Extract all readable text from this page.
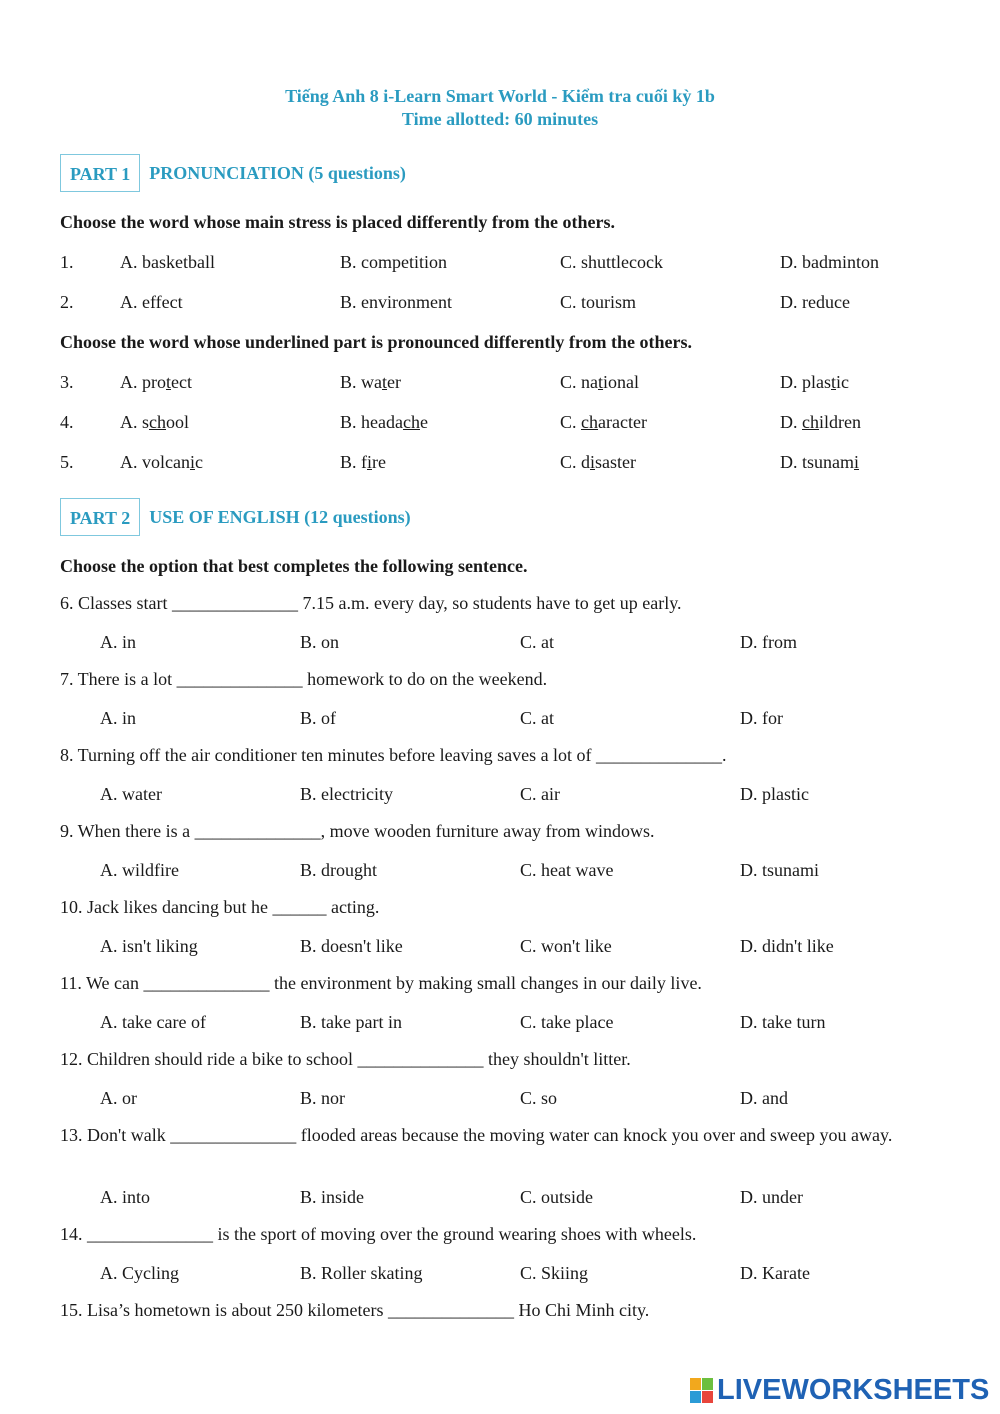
Tiếng Anh 8 i-Learn Smart World - Kiểm tra cuối kỳ 1b
Time allotted: 60 minutes
PART 1	PRONUNCIATION (5 questions)
Choose the word whose main stress is placed differently from the others.
1.	A. basketball	B. competition	C. shuttlecock	D. badminton
2.	A. effect	B. environment	C. tourism	D. reduce
Choose the word whose underlined part is pronounced differently from the others.
3.	A. protect	B. water	C. national	D. plastic
4.	A. school	B. headache	C. character	D. children
5.	A. volcanic	B. fire	C. disaster	D. tsunami
PART 2	USE OF ENGLISH (12 questions)
Choose the option that best completes the following sentence.
6. Classes start ______________ 7.15 a.m. every day, so students have to get up early.
A. in	B. on	C. at	D. from
7. There is a lot ______________ homework to do on the weekend.
A. in	B. of	C. at	D. for
8. Turning off the air conditioner ten minutes before leaving saves a lot of ______________.
A. water	B. electricity	C. air	D. plastic
9. When there is a ______________, move wooden furniture away from windows.
A. wildfire	B. drought	C. heat wave	D. tsunami
10. Jack likes dancing but he ______ acting.
A. isn't liking	B. doesn't like	C. won't like	D. didn't like
11. We can ______________ the environment by making small changes in our daily live.
A. take care of	B. take part in	C. take place	D. take turn
12. Children should ride a bike to school ______________ they shouldn't litter.
A. or	B. nor	C. so	D. and
13. Don't walk ______________ flooded areas because the moving water can knock you over and sweep you away.
A. into	B. inside	C. outside	D. under
14. ______________ is the sport of moving over the ground wearing shoes with wheels.
A. Cycling	B. Roller skating	C. Skiing	D. Karate
15. Lisa’s hometown is about 250 kilometers ______________ Ho Chi Minh city.
LIVEWORKSHEETS
